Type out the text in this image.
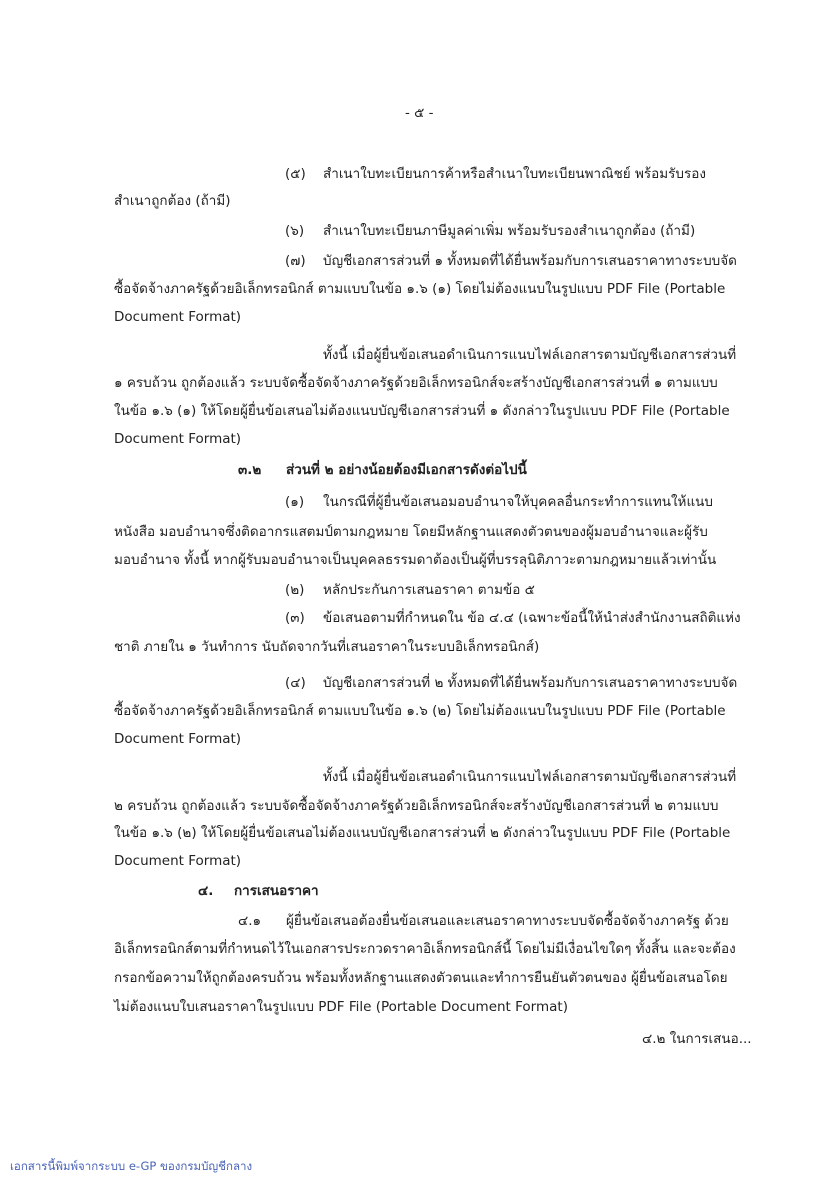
- ๕ -
(๕) สำเนาใบทะเบียนการค้าหรือสำเนาใบทะเบียนพาณิชย์ พร้อมรับรอง
สำเนาถูกต้อง (ถ้ามี)
(๖) สำเนาใบทะเบียนภาษีมูลค่าเพิ่ม พร้อมรับรองสำเนาถูกต้อง (ถ้ามี)
(๗) บัญชีเอกสารส่วนที่ ๑ ทั้งหมดที่ได้ยื่นพร้อมกับการเสนอราคาทางระบบจัด
ซื้อจัดจ้างภาครัฐด้วยอิเล็กทรอนิกส์ ตามแบบในข้อ ๑.๖ (๑) โดยไม่ต้องแนบในรูปแบบ PDF File (Portable
Document Format)
ทั้งนี้ เมื่อผู้ยื่นข้อเสนอดำเนินการแนบไฟล์เอกสารตามบัญชีเอกสารส่วนที่
๑ ครบถ้วน ถูกต้องแล้ว ระบบจัดซื้อจัดจ้างภาครัฐด้วยอิเล็กทรอนิกส์จะสร้างบัญชีเอกสารส่วนที่ ๑ ตามแบบ
ในข้อ ๑.๖ (๑) ให้โดยผู้ยื่นข้อเสนอไม่ต้องแนบบัญชีเอกสารส่วนที่ ๑ ดังกล่าวในรูปแบบ PDF File (Portable
Document Format)
๓.๒ ส่วนที่ ๒ อย่างน้อยต้องมีเอกสารดังต่อไปนี้
(๑) ในกรณีที่ผู้ยื่นข้อเสนอมอบอำนาจให้บุคคลอื่นกระทำการแทนให้แนบ
หนังสือ มอบอำนาจซึ่งติดอากรแสตมป์ตามกฎหมาย โดยมีหลักฐานแสดงตัวตนของผู้มอบอำนาจและผู้รับ
มอบอำนาจ ทั้งนี้ หากผู้รับมอบอำนาจเป็นบุคคลธรรมดาต้องเป็นผู้ที่บรรลุนิติภาวะตามกฎหมายแล้วเท่านั้น
(๒) หลักประกันการเสนอราคา ตามข้อ ๕
(๓) ข้อเสนอตามที่กำหนดใน ข้อ ๔.๔ (เฉพาะข้อนี้ให้นำส่งสำนักงานสถิติแห่ง
ชาติ ภายใน ๑ วันทำการ นับถัดจากวันที่เสนอราคาในระบบอิเล็กทรอนิกส์)
(๔) บัญชีเอกสารส่วนที่ ๒ ทั้งหมดที่ได้ยื่นพร้อมกับการเสนอราคาทางระบบจัด
ซื้อจัดจ้างภาครัฐด้วยอิเล็กทรอนิกส์ ตามแบบในข้อ ๑.๖ (๒) โดยไม่ต้องแนบในรูปแบบ PDF File (Portable
Document Format)
ทั้งนี้ เมื่อผู้ยื่นข้อเสนอดำเนินการแนบไฟล์เอกสารตามบัญชีเอกสารส่วนที่
๒ ครบถ้วน ถูกต้องแล้ว ระบบจัดซื้อจัดจ้างภาครัฐด้วยอิเล็กทรอนิกส์จะสร้างบัญชีเอกสารส่วนที่ ๒ ตามแบบ
ในข้อ ๑.๖ (๒) ให้โดยผู้ยื่นข้อเสนอไม่ต้องแนบบัญชีเอกสารส่วนที่ ๒ ดังกล่าวในรูปแบบ PDF File (Portable
Document Format)
๔. การเสนอราคา
๔.๑ ผู้ยื่นข้อเสนอต้องยื่นข้อเสนอและเสนอราคาทางระบบจัดซื้อจัดจ้างภาครัฐ ด้วย
อิเล็กทรอนิกส์ตามที่กำหนดไว้ในเอกสารประกวดราคาอิเล็กทรอนิกส์นี้ โดยไม่มีเงื่อนไขใดๆ ทั้งสิ้น และจะต้อง
กรอกข้อความให้ถูกต้องครบถ้วน พร้อมทั้งหลักฐานแสดงตัวตนและทำการยืนยันตัวตนของ ผู้ยื่นข้อเสนอโดย
ไม่ต้องแนบใบเสนอราคาในรูปแบบ PDF File (Portable Document Format)
๔.๒ ในการเสนอ...
เอกสารนี้พิมพ์จากระบบ e-GP ของกรมบัญชีกลาง
